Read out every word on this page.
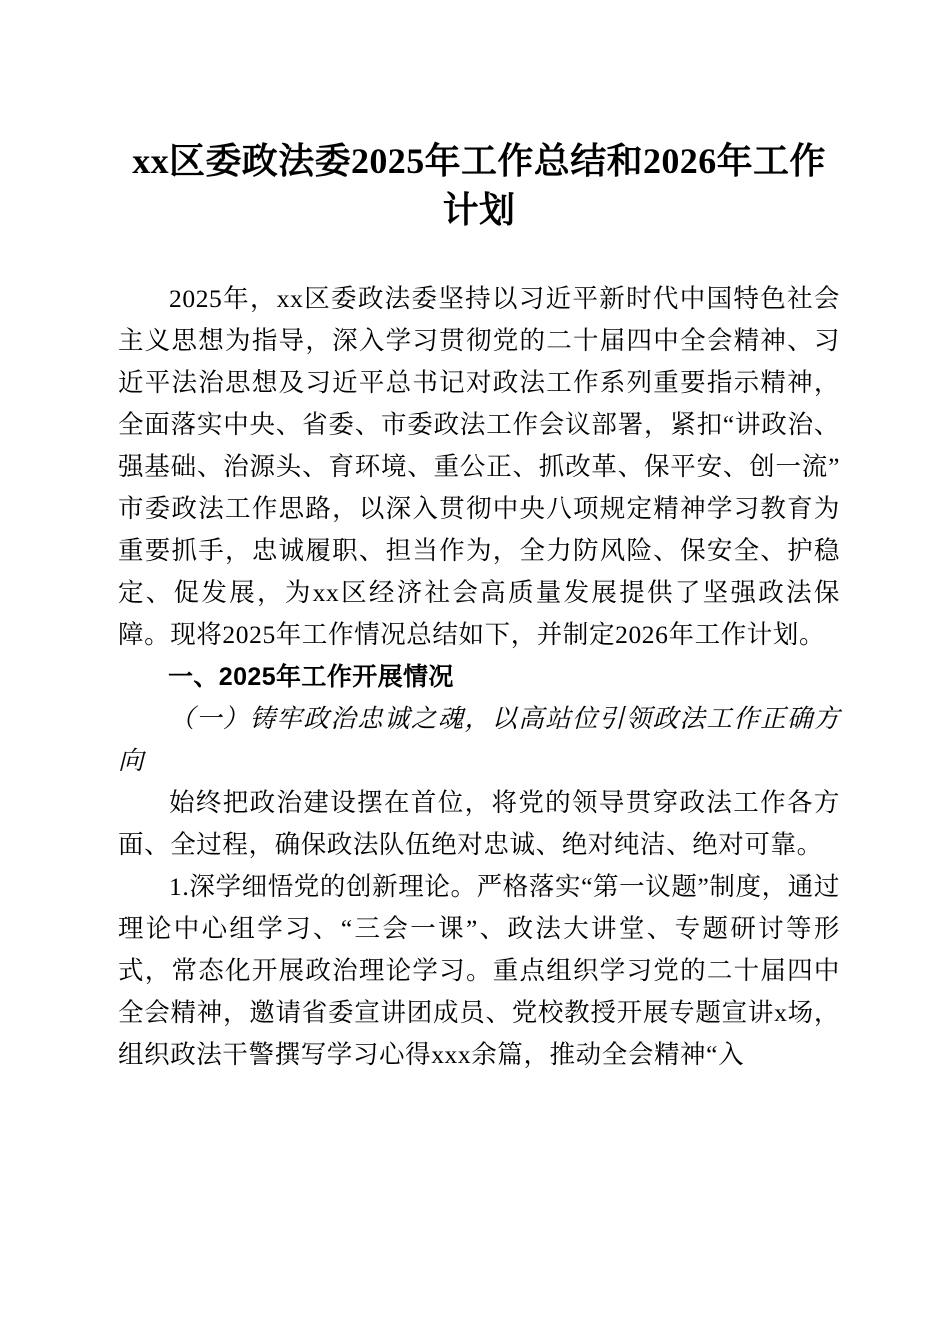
xx区委政法委2025年工作总结和2026年工作计划

2025年，xx区委政法委坚持以习近平新时代中国特色社会主义思想为指导，深入学习贯彻党的二十届四中全会精神、习近平法治思想及习近平总书记对政法工作系列重要指示精神，全面落实中央、省委、市委政法工作会议部署，紧扣“讲政治、强基础、治源头、育环境、重公正、抓改革、保平安、创一流”市委政法工作思路，以深入贯彻中央八项规定精神学习教育为重要抓手，忠诚履职、担当作为，全力防风险、保安全、护稳定、促发展，为xx区经济社会高质量发展提供了坚强政法保障。现将2025年工作情况总结如下，并制定2026年工作计划。

一、2025年工作开展情况

（一）铸牢政治忠诚之魂，以高站位引领政法工作正确方向

始终把政治建设摆在首位，将党的领导贯穿政法工作各方面、全过程，确保政法队伍绝对忠诚、绝对纯洁、绝对可靠。

1.深学细悟党的创新理论。严格落实“第一议题”制度，通过理论中心组学习、“三会一课”、政法大讲堂、专题研讨等形式，常态化开展政治理论学习。重点组织学习党的二十届四中全会精神，邀请省委宣讲团成员、党校教授开展专题宣讲x场，组织政法干警撰写学习心得xxx余篇，推动全会精神“入
